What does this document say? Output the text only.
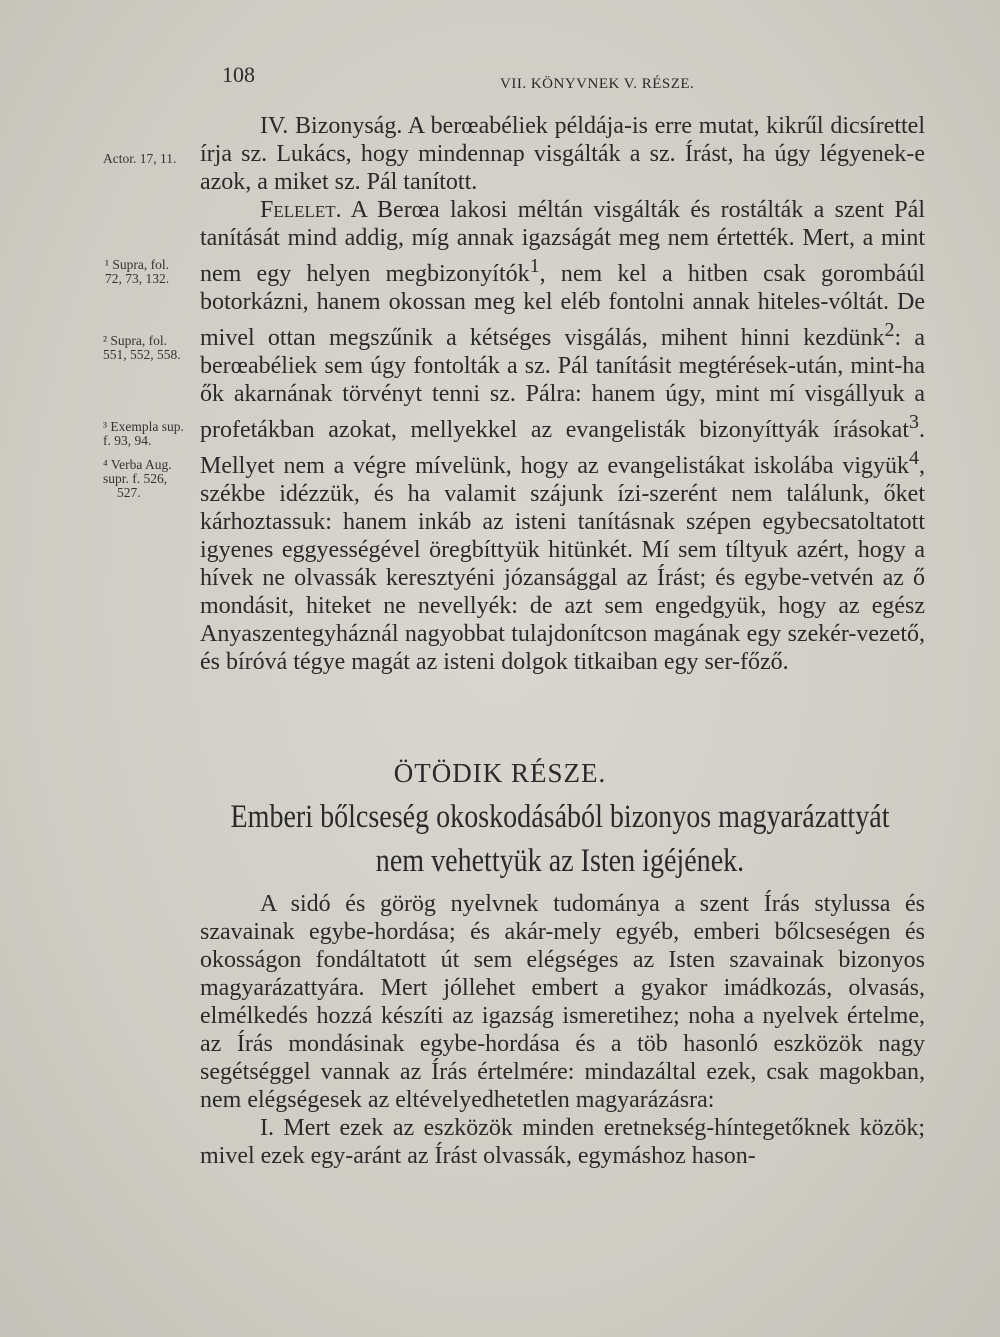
108	VII. KÖNYVNEK V. RÉSZE.
Actor. 17, 11.
¹ Supra, fol.
72, 73, 132.
² Supra, fol.
551, 552, 558.
³ Exempla sup.
f. 93, 94.
⁴ Verba Aug.
supr. f. 526,
527.

IV. Bizonyság. A berœabéliek példája-is erre mutat, kikrűl dicsírettel írja sz. Lukács, hogy mindennap visgálták a sz. Írást, ha úgy légyenek-e azok, a miket sz. Pál tanított.

Felelet. A Berœa lakosi méltán visgálták és rostálták a szent Pál tanítását mind addig, míg annak igazságát meg nem értették. Mert, a mint nem egy helyen megbizonyítók$^1$, nem kel a hitben csak gorombáúl botorkázni, hanem okossan meg kel eléb fontolni annak hiteles-vóltát. De mivel ottan megszűnik a kétséges visgálás, mihent hinni kezdünk$^2$: a berœabéliek sem úgy fontolták a sz. Pál tanításit megtérések-után, mint-ha ők akarnának törvényt tenni sz. Pálra: hanem úgy, mint mí visgállyuk a profetákban azokat, mellyekkel az evangelisták bizonyíttyák írásokat$^3$. Mellyet nem a végre mívelünk, hogy az evangelistákat iskolába vigyük$^4$, székbe idézzük, és ha valamit szájunk ízi-szerént nem találunk, őket kárhoztassuk: hanem inkáb az isteni tanításnak szépen egybecsatoltatott igyenes eggyességével öregbíttyük hitünkét. Mí sem tíltyuk azért, hogy a hívek ne olvassák keresztyéni józansággal az Írást; és egybe-vetvén az ő mondásit, hiteket ne nevellyék: de azt sem engedgyük, hogy az egész Anyaszentegyháznál nagyobbat tulajdonítcson magának egy szekér-vezető, és bíróvá tégye magát az isteni dolgok titkaiban egy ser-főző.

ÖTÖDIK RÉSZE.
Emberi bőlcseség okoskodásából bizonyos magyarázattyát nem vehettyük az Isten igéjének.

A sidó és görög nyelvnek tudománya a szent Írás stylussa és szavainak egybe-hordása; és akár-mely egyéb, emberi bőlcseségen és okosságon fondáltatott út sem elégséges az Isten szavainak bizonyos magyarázattyára. Mert jóllehet embert a gyakor imádkozás, olvasás, elmélkedés hozzá készíti az igazság ismeretihez; noha a nyelvek értelme, az Írás mondásinak egybe-hordása és a töb hasonló eszközök nagy segétséggel vannak az Írás értelmére: mindazáltal ezek, csak magokban, nem elégségesek az eltévelyedhetetlen magyarázásra:

I. Mert ezek az eszközök minden eretnekség-híntegetőknek közök; mivel ezek egy-aránt az Írást olvassák, egymáshoz hason-
